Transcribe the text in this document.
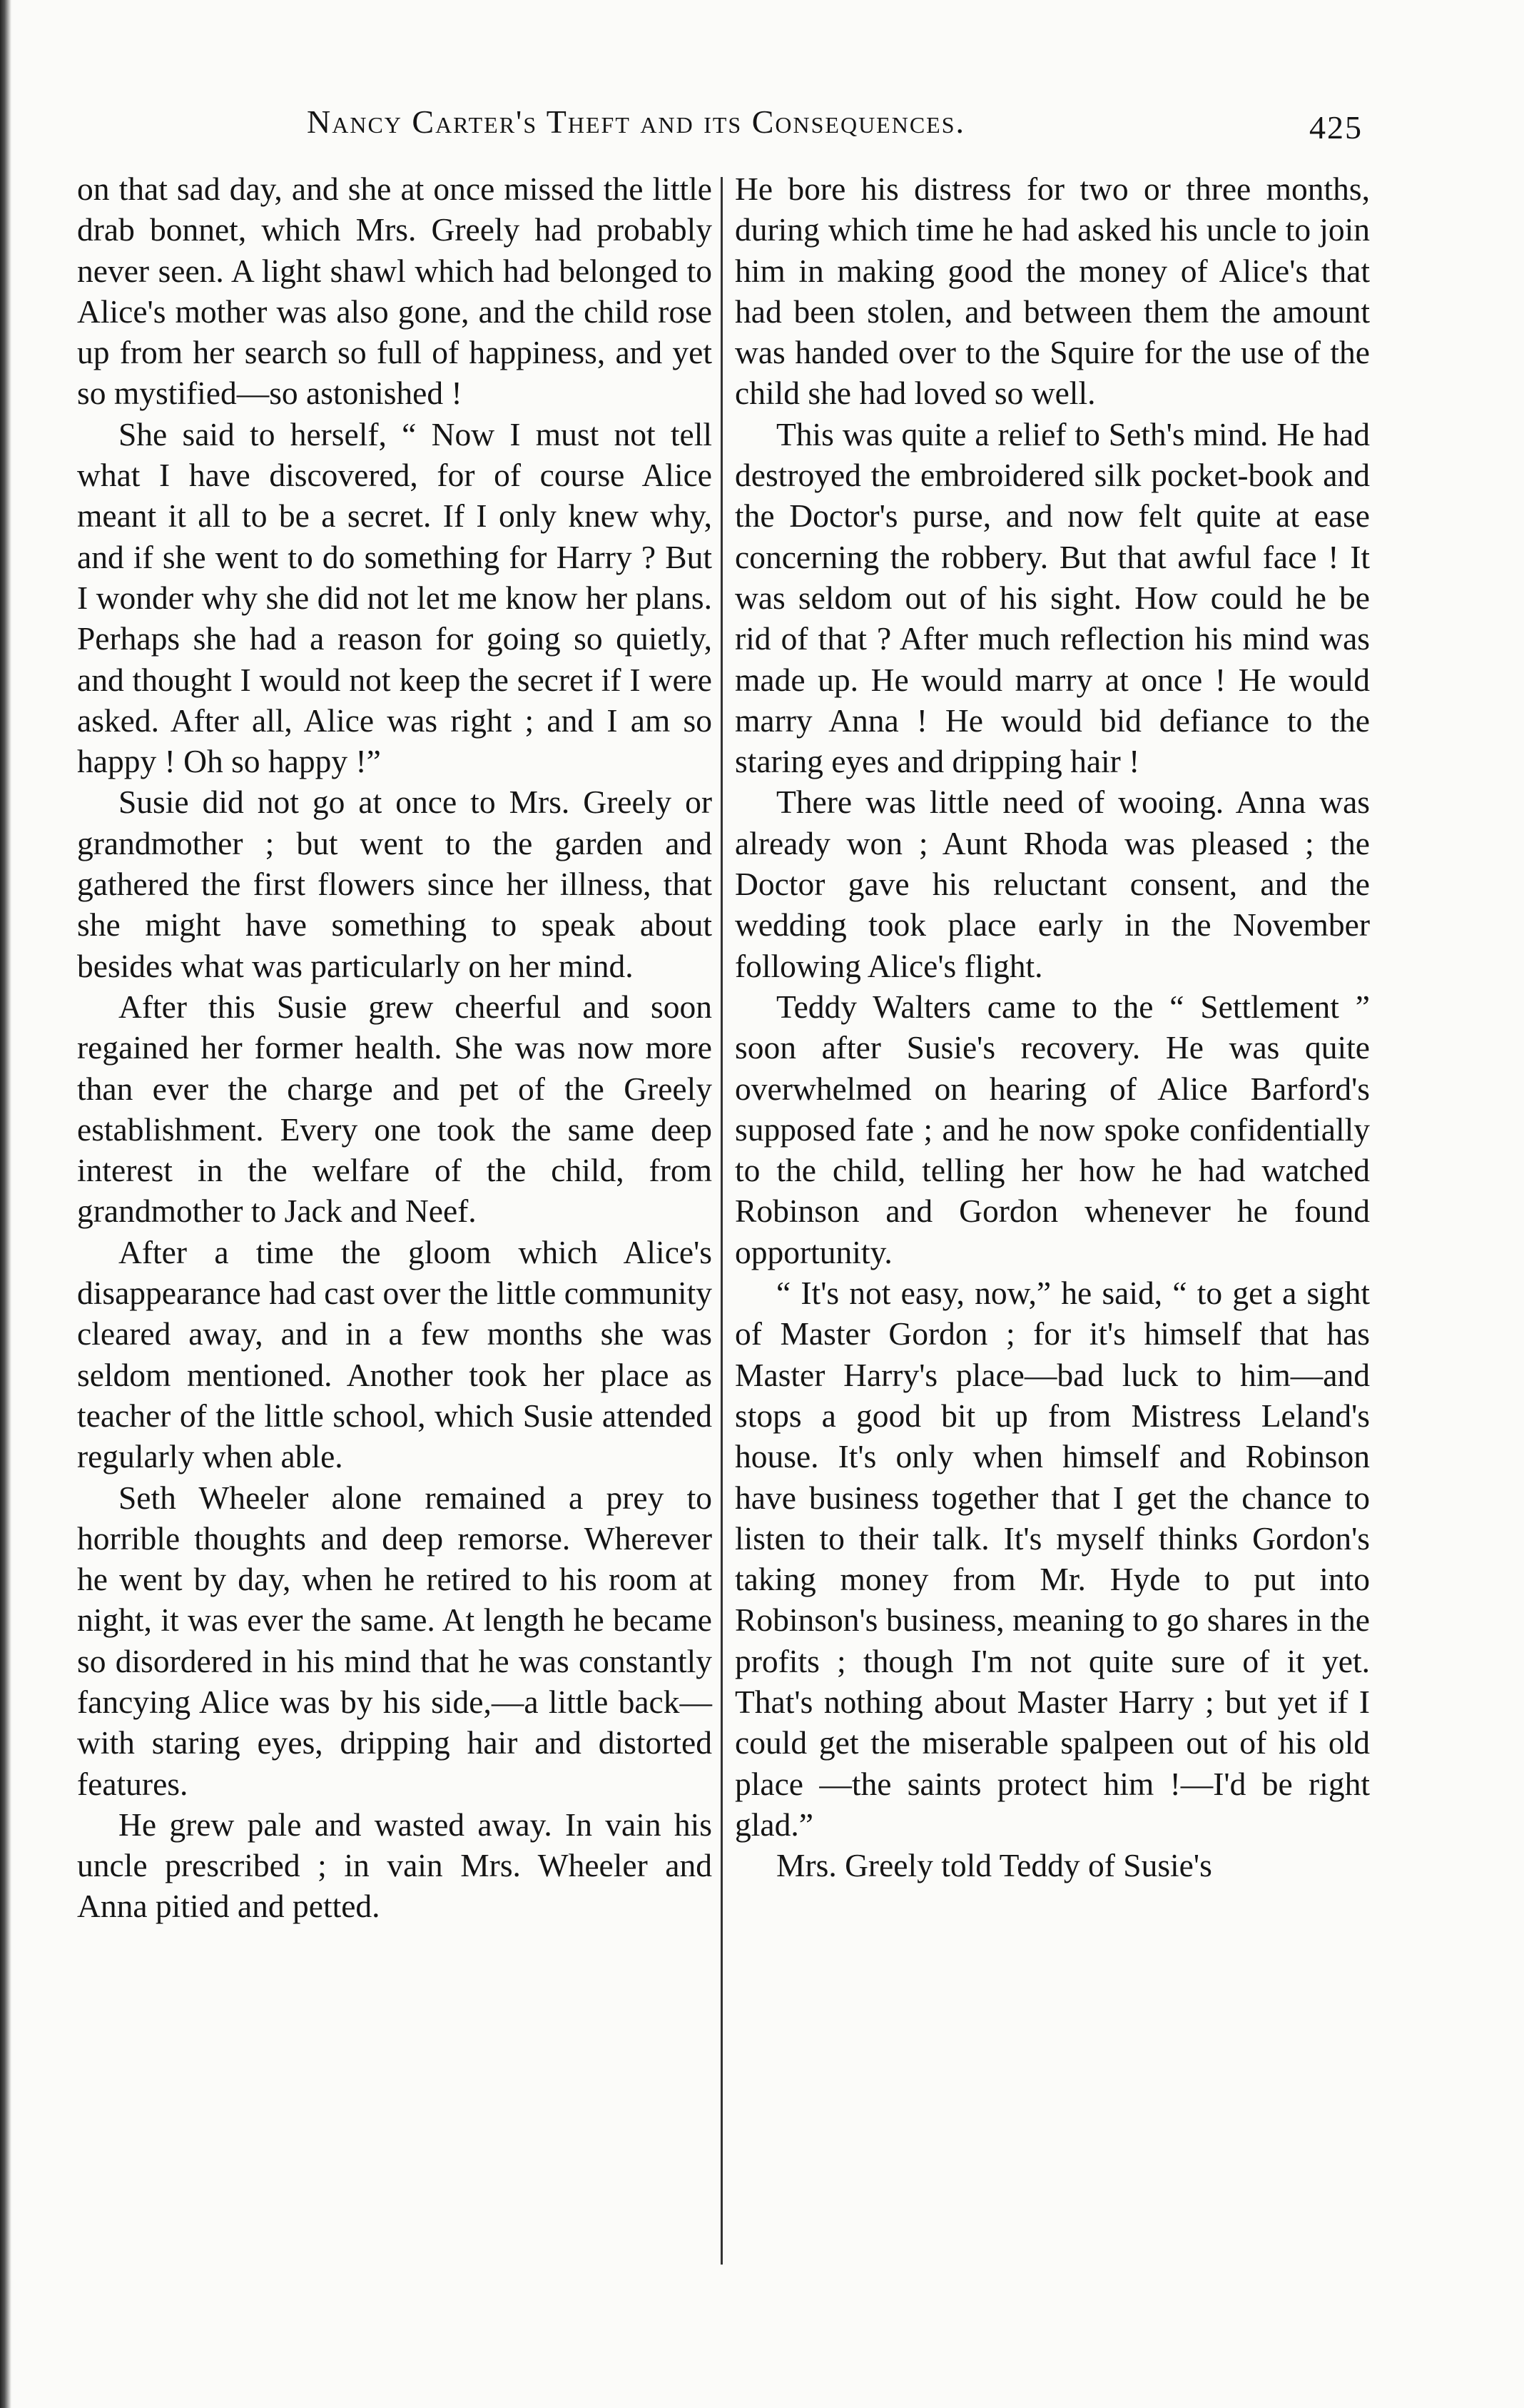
Nancy Carter's Theft and its Consequences.	425

on that sad day, and she at once missed the little drab bonnet, which Mrs. Greely had probably never seen. A light shawl which had belonged to Alice's mother was also gone, and the child rose up from her search so full of happiness, and yet so mystified—so astonished !

She said to herself, “ Now I must not tell what I have discovered, for of course Alice meant it all to be a secret. If I only knew why, and if she went to do something for Harry ? But I wonder why she did not let me know her plans. Perhaps she had a reason for going so quietly, and thought I would not keep the secret if I were asked. After all, Alice was right ; and I am so happy ! Oh so happy !”

Susie did not go at once to Mrs. Greely or grandmother ; but went to the garden and gathered the first flowers since her illness, that she might have something to speak about besides what was particularly on her mind.

After this Susie grew cheerful and soon regained her former health. She was now more than ever the charge and pet of the Greely establishment. Every one took the same deep interest in the welfare of the child, from grandmother to Jack and Neef.

After a time the gloom which Alice's disappearance had cast over the little community cleared away, and in a few months she was seldom mentioned. Another took her place as teacher of the little school, which Susie attended regularly when able.

Seth Wheeler alone remained a prey to horrible thoughts and deep remorse. Wherever he went by day, when he retired to his room at night, it was ever the same. At length he became so disordered in his mind that he was constantly fancying Alice was by his side,—a little back—with staring eyes, dripping hair and distorted features.

He grew pale and wasted away. In vain his uncle prescribed ; in vain Mrs. Wheeler and Anna pitied and petted.

He bore his distress for two or three months, during which time he had asked his uncle to join him in making good the money of Alice's that had been stolen, and between them the amount was handed over to the Squire for the use of the child she had loved so well.

This was quite a relief to Seth's mind. He had destroyed the embroidered silk pocket-book and the Doctor's purse, and now felt quite at ease concerning the robbery. But that awful face ! It was seldom out of his sight. How could he be rid of that ? After much reflection his mind was made up. He would marry at once ! He would marry Anna ! He would bid defiance to the staring eyes and dripping hair !

There was little need of wooing. Anna was already won ; Aunt Rhoda was pleased ; the Doctor gave his reluctant consent, and the wedding took place early in the November following Alice's flight.

Teddy Walters came to the “ Settlement ” soon after Susie's recovery. He was quite overwhelmed on hearing of Alice Barford's supposed fate ; and he now spoke confidentially to the child, telling her how he had watched Robinson and Gordon whenever he found opportunity.

“ It's not easy, now,” he said, “ to get a sight of Master Gordon ; for it's himself that has Master Harry's place—bad luck to him—and stops a good bit up from Mistress Leland's house. It's only when himself and Robinson have business together that I get the chance to listen to their talk. It's myself thinks Gordon's taking money from Mr. Hyde to put into Robinson's business, meaning to go shares in the profits ; though I'm not quite sure of it yet. That's nothing about Master Harry ; but yet if I could get the miserable spalpeen out of his old place —the saints protect him !—I'd be right glad.”

Mrs. Greely told Teddy of Susie's
